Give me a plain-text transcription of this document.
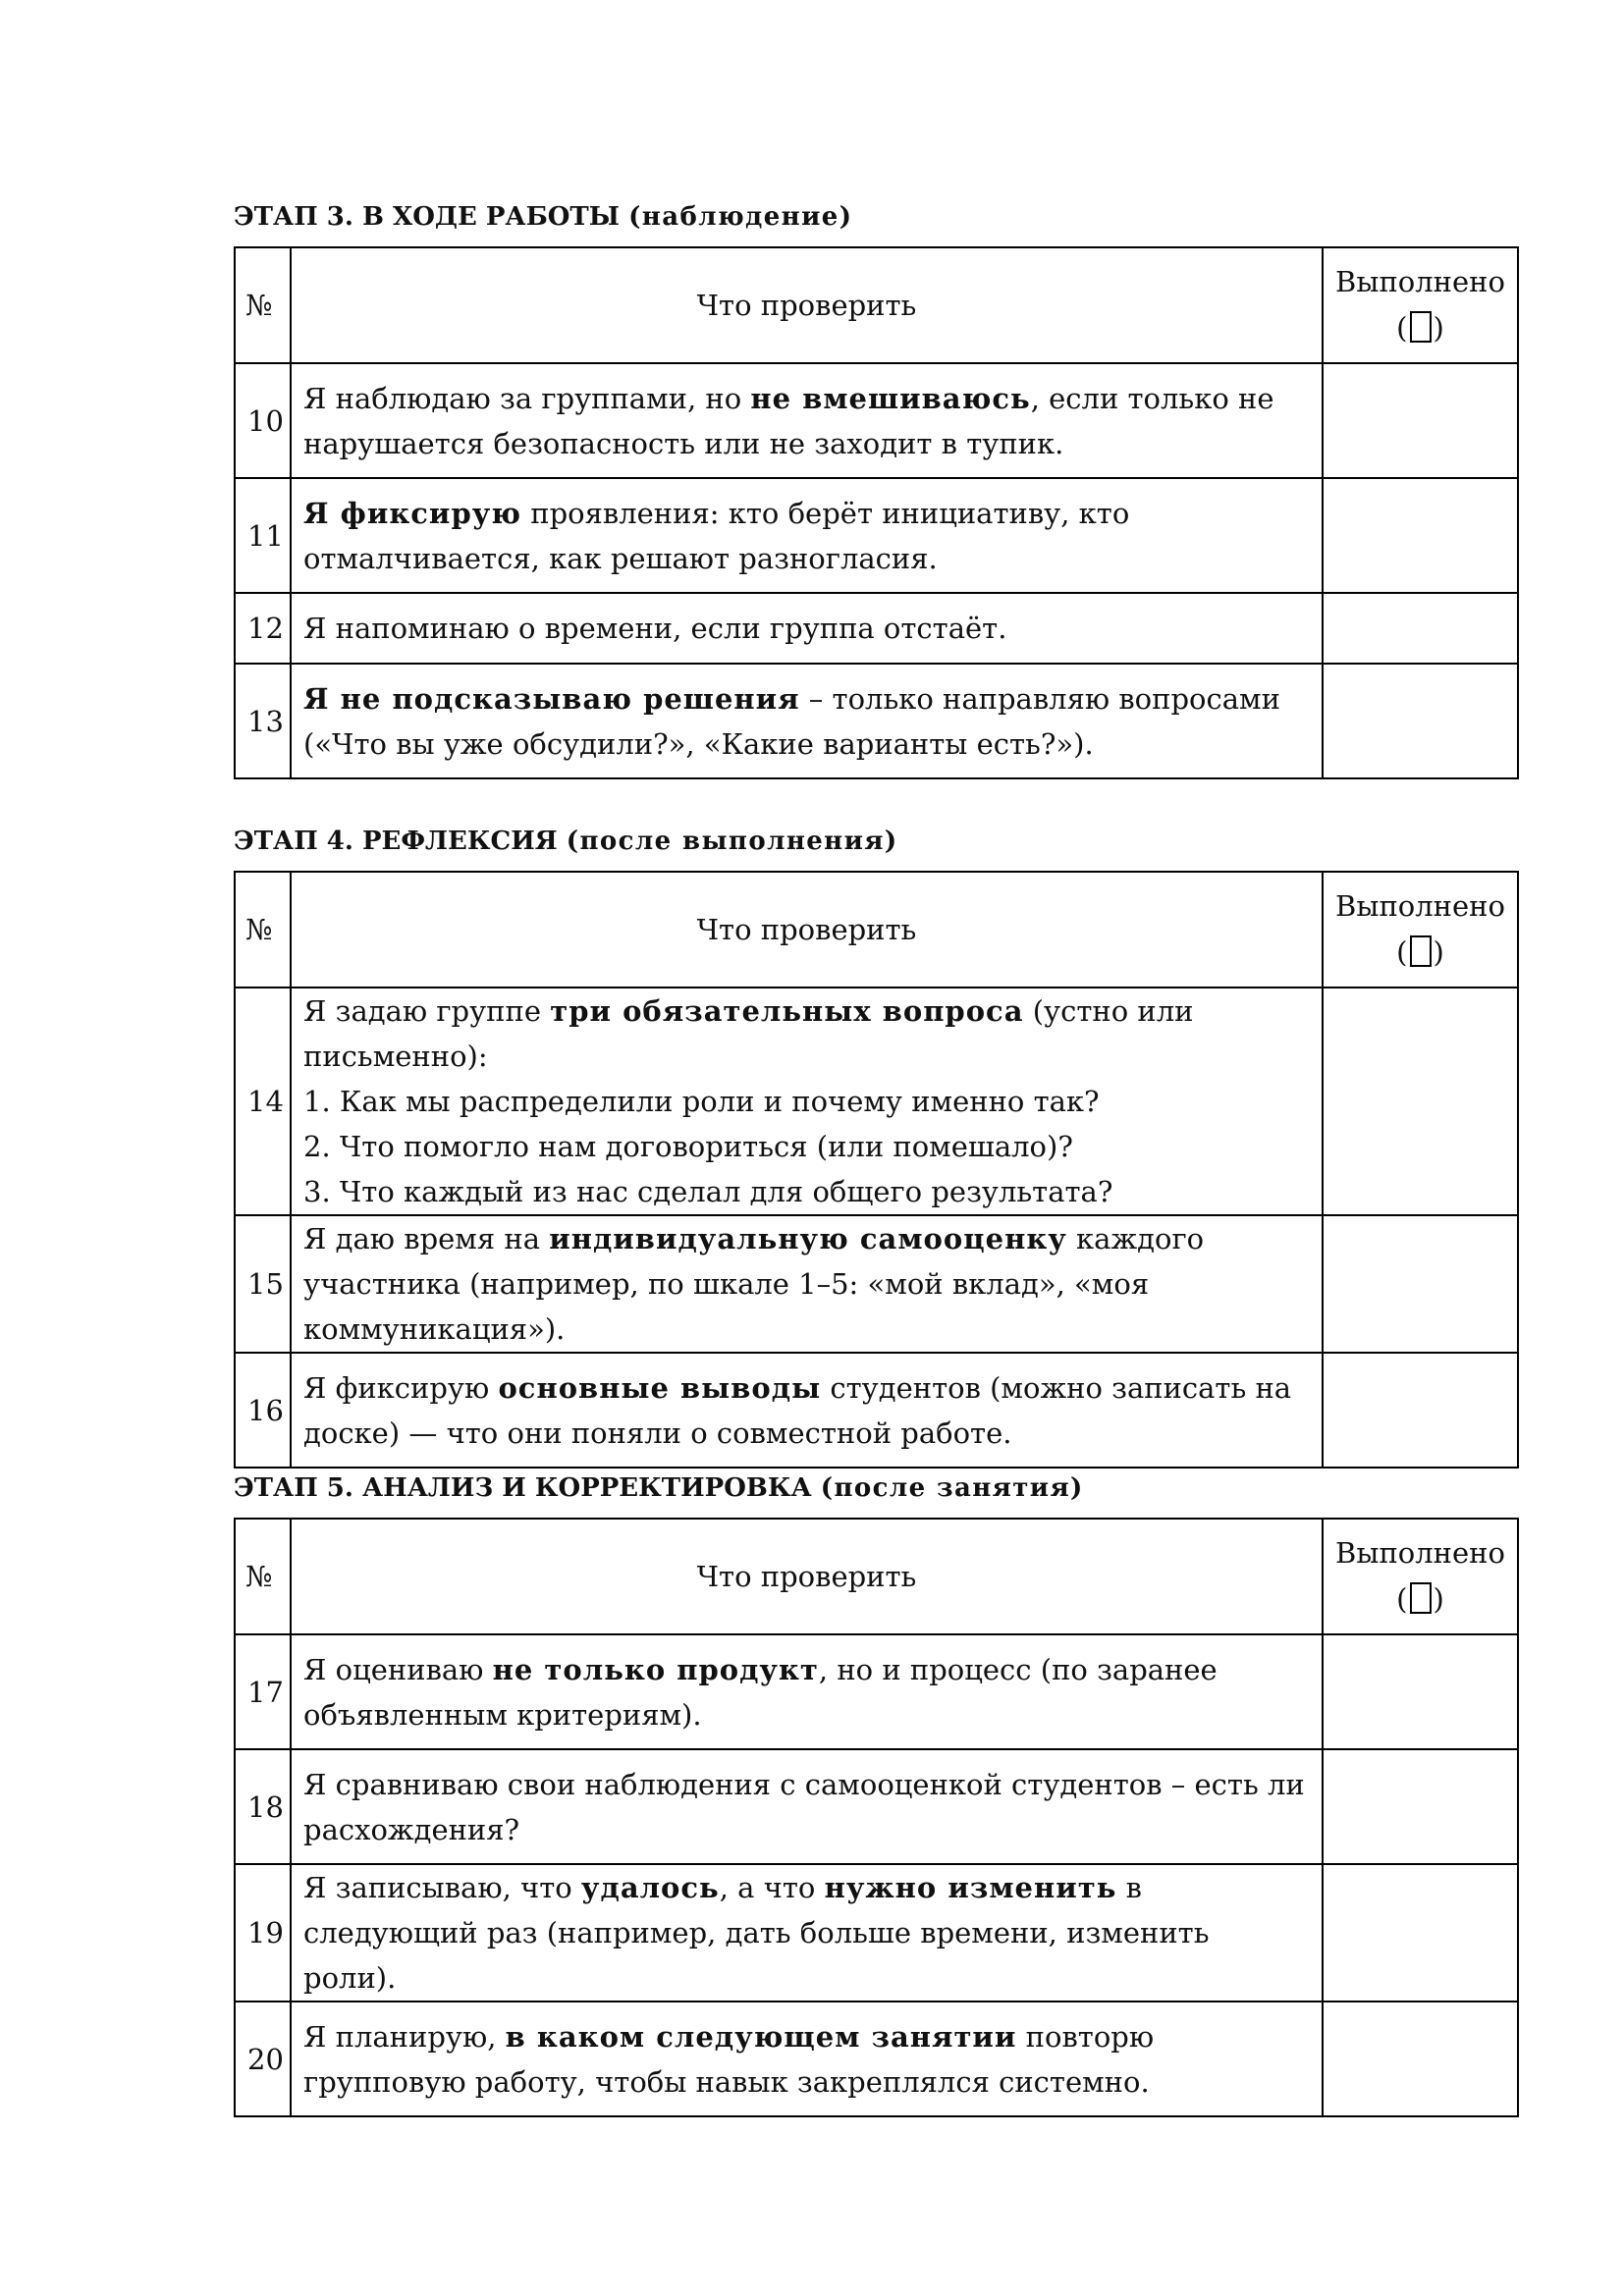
ЭТАП 3. В ХОДЕ РАБОТЫ (наблюдение)
№	Что проверить	Выполнено
( )

10	Я наблюдаю за группами, но не вмешиваюсь, если только не нарушается безопасность или не заходит в тупик.	
11	Я фиксирую проявления: кто берёт инициативу, кто отмалчивается, как решают разногласия.	
12	Я напоминаю о времени, если группа отстаёт.	
13	Я не подсказываю решения – только направляю вопросами («Что вы уже обсудили?», «Какие варианты есть?»).	
ЭТАП 4. РЕФЛЕКСИЯ (после выполнения)
№	Что проверить	Выполнено
( )

14	Я задаю группе три обязательных вопроса (устно или письменно):
1. Как мы распределили роли и почему именно так?
2. Что помогло нам договориться (или помешало)?
3. Что каждый из нас сделал для общего результата?	
15	Я даю время на индивидуальную самооценку каждого участника (например, по шкале 1–5: «мой вклад», «моя коммуникация»).	
16	Я фиксирую основные выводы студентов (можно записать на доске) — что они поняли о совместной работе.	
ЭТАП 5. АНАЛИЗ И КОРРЕКТИРОВКА (после занятия)
№	Что проверить	Выполнено
( )

17	Я оцениваю не только продукт, но и процесс (по заранее объявленным критериям).	
18	Я сравниваю свои наблюдения с самооценкой студентов – есть ли расхождения?	
19	Я записываю, что удалось, а что нужно изменить в следующий раз (например, дать больше времени, изменить роли).	
20	Я планирую, в каком следующем занятии повторю групповую работу, чтобы навык закреплялся системно.	
